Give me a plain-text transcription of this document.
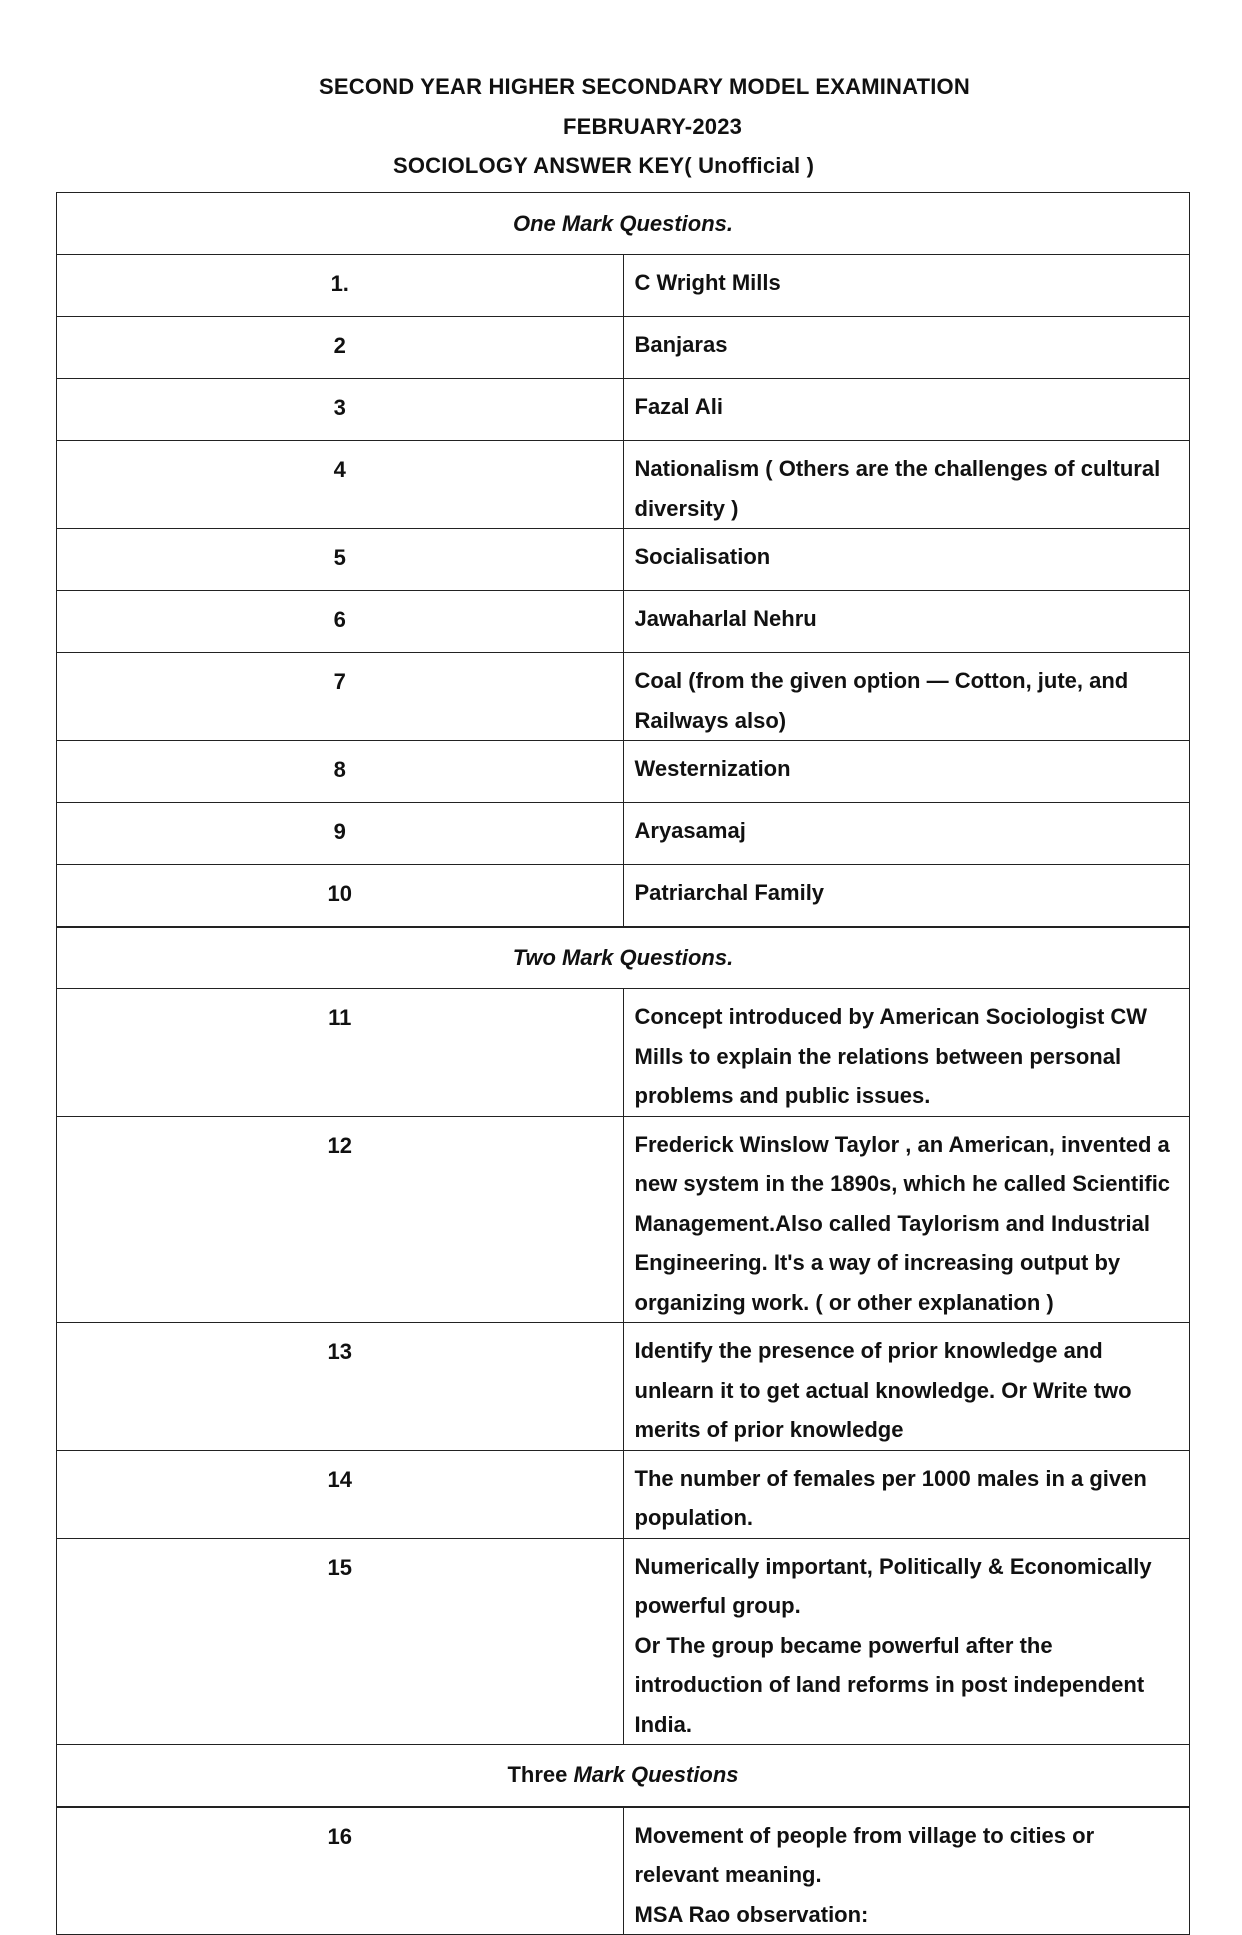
SECOND YEAR HIGHER SECONDARY MODEL EXAMINATION
FEBRUARY-2023
SOCIOLOGY ANSWER KEY( Unofficial )
One Mark Questions.	
1.	C Wright Mills

2	Banjaras

3	Fazal Ali

4	Nationalism ( Others are the challenges of cultural diversity )

5	Socialisation

6	Jawaharlal Nehru

7	Coal (from the given option — Cotton, jute, and Railways also)

8	Westernization

9	Aryasamaj

10	Patriarchal Family

Two Mark Questions.	
11	Concept introduced by American Sociologist CW Mills to explain the relations between personal problems and public issues.

12	Frederick Winslow Taylor , an American, invented a new system in the 1890s, which he called Scientific Management.Also called Taylorism and Industrial Engineering. It's a way of increasing output by organizing work. ( or other explanation )

13	Identify the presence of prior knowledge and unlearn it to get actual knowledge. Or Write two merits of prior knowledge

14	The number of females per 1000 males in a given population.

15	Numerically important, Politically & Economically powerful group.
Or The group became powerful after the introduction of land reforms in post independent India.

Three Mark Questions	
16	Movement of people from village to cities or relevant meaning.
MSA Rao observation:
